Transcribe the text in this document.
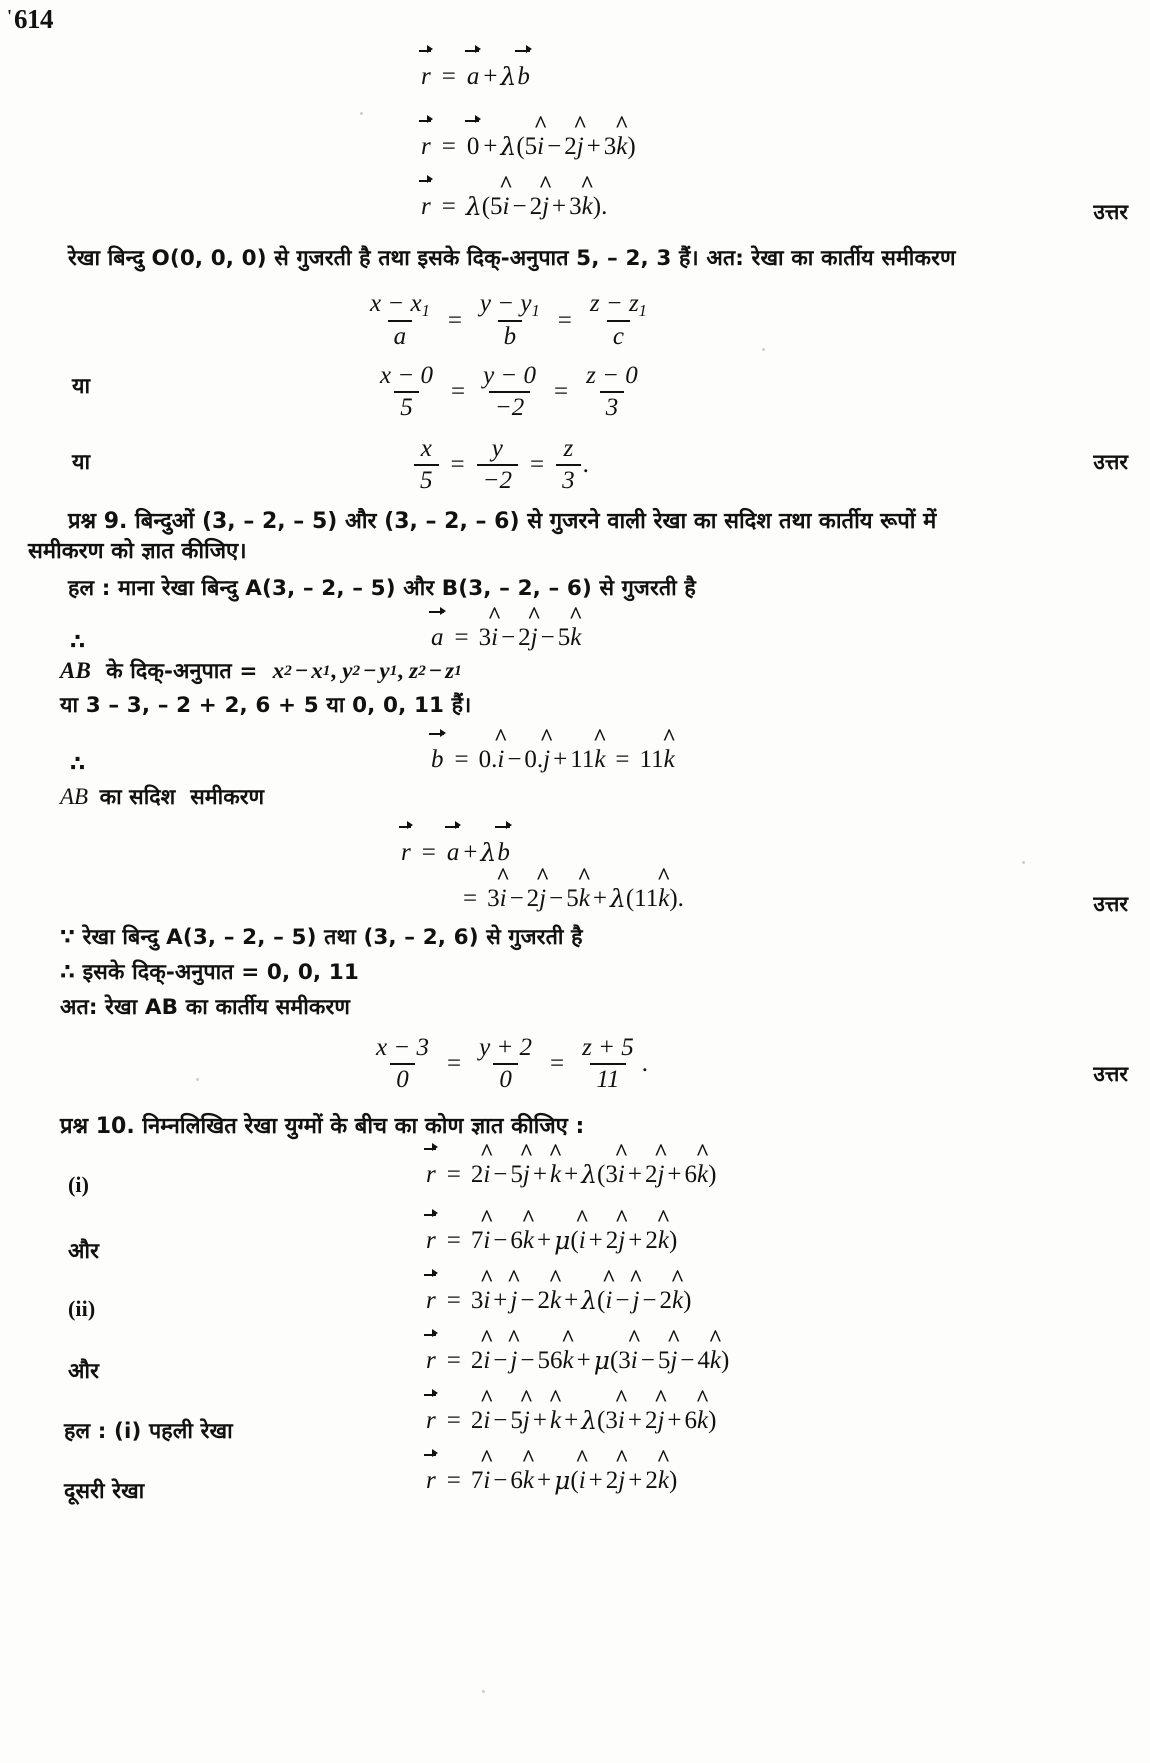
' 614
r = a + λ b
r = 0 + λ ( 5 i ^ − 2 j ^ + 3 k ^ )
r = λ ( 5 i ^ − 2 j ^ + 3 k ^ ).	उत्तर
रेखा बिन्दु O(0, 0, 0) से गुजरती है तथा इसके दिक्-अनुपात 5, – 2, 3 हैं। अत: रेखा का कार्तीय समीकरण
$\frac{x - x_1}{a} = \frac{y - y_1}{b} = \frac{z - z_1}{c}$
या	$\frac{x - 0}{5} = \frac{y - 0}{-2} = \frac{z - 0}{3}$
या	$\frac{x}{5} = \frac{y}{-2} = \frac{z}{3}$ .	उत्तर
प्रश्न 9. बिन्दुओं (3, – 2, – 5) और (3, – 2, – 6) से गुजरने वाली रेखा का सदिश तथा कार्तीय रूपों में
समीकरण को ज्ञात कीजिए।
हल : माना रेखा बिन्दु A(3, – 2, – 5) और B(3, – 2, – 6) से गुजरती है
∴	a = 3 i ^ − 2 j ^ − 5 k ^
AB के दिक्-अनुपात =  x 2 − x 1 , y 2 − y 1 , z 2 − z 1
या 3 – 3, – 2 + 2, 6 + 5 या 0, 0, 11 हैं।
∴	b = 0. i ^ − 0. j ^ + 11 k ^ = 11 k ^
AB  का सदिश  समीकरण
r = a + λ b
= 3 i ^ − 2 j ^ − 5 k ^ + λ (11 k ^ ).	उत्तर
∵ रेखा बिन्दु A(3, – 2, – 5) तथा (3, – 2, 6) से गुजरती है
∴ इसके दिक्-अनुपात = 0, 0, 11
अत: रेखा AB का कार्तीय समीकरण
$\frac{x - 3}{0} = \frac{y + 2}{0} = \frac{z + 5}{11}$ .	उत्तर
प्रश्न 10. निम्नलिखित रेखा युग्मों के बीच का कोण ज्ञात कीजिए :
(i)	r = 2 i ^ − 5 j ^ + k ^ + λ (3 i ^ + 2 j ^ + 6 k ^ )
और	r = 7 i ^ − 6 k ^ + μ ( i ^ + 2 j ^ + 2 k ^ )
(ii)	r = 3 i ^ + j ^ − 2 k ^ + λ ( i ^ − j ^ − 2 k ^ )
और	r = 2 i ^ − j ^ − 56 k ^ + μ (3 i ^ − 5 j ^ − 4 k ^ )
हल : (i) पहली रेखा	r = 2 i ^ − 5 j ^ + k ^ + λ (3 i ^ + 2 j ^ + 6 k ^ )
दूसरी रेखा	r = 7 i ^ − 6 k ^ + μ ( i ^ + 2 j ^ + 2 k ^ )
